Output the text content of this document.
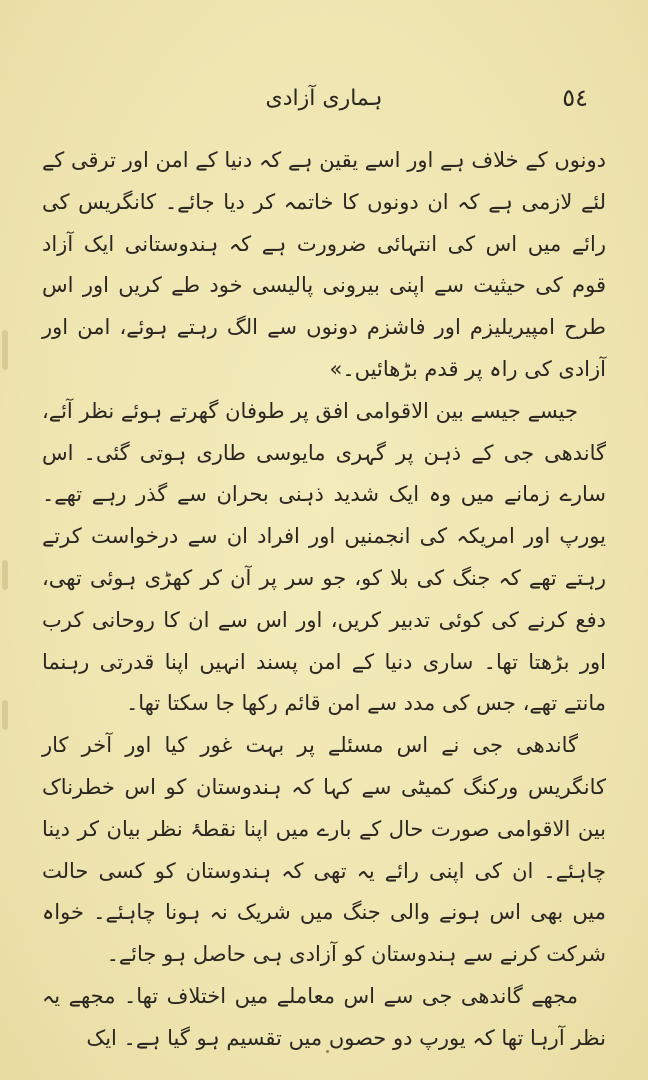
٥٤
ہماری آزادی

دونوں کے خلاف ہے اور اسے یقین ہے کہ دنیا کے امن اور ترقی کے لئے لازمی ہے کہ ان دونوں کا خاتمہ کر دیا جائے۔ کانگریس کی رائے میں اس کی انتہائی ضرورت ہے کہ ہندوستانی ایک آزاد قوم کی حیثیت سے اپنی بیرونی پالیسی خود طے کریں اور اس طرح امپیریلیزم اور فاشزم دونوں سے الگ رہتے ہوئے، امن اور آزادی کی راہ پر قدم بڑھائیں۔»

جیسے جیسے بین الاقوامی افق پر طوفان گھرتے ہوئے نظر آئے، گاندھی جی کے ذہن پر گہری مایوسی طاری ہوتی گئی۔ اس سارے زمانے میں وہ ایک شدید ذہنی بحران سے گذر رہے تھے۔ یورپ اور امریکہ کی انجمنیں اور افراد ان سے درخواست کرتے رہتے تھے کہ جنگ کی بلا کو، جو سر پر آن کر کھڑی ہوئی تھی، دفع کرنے کی کوئی تدبیر کریں، اور اس سے ان کا روحانی کرب اور بڑھتا تھا۔ ساری دنیا کے امن پسند انہیں اپنا قدرتی رہنما مانتے تھے، جس کی مدد سے امن قائم رکھا جا سکتا تھا۔

گاندھی جی نے اس مسئلے پر بہت غور کیا اور آخر کار کانگریس ورکنگ کمیٹی سے کہا کہ ہندوستان کو اس خطرناک بین الاقوامی صورت حال کے بارے میں اپنا نقطۂ نظر بیان کر دینا چاہئے۔ ان کی اپنی رائے یہ تھی کہ ہندوستان کو کسی حالت میں بھی اس ہونے والی جنگ میں شریک نہ ہونا چاہئے۔ خواہ شرکت کرنے سے ہندوستان کو آزادی ہی حاصل ہو جائے۔

مجھے گاندھی جی سے اس معاملے میں اختلاف تھا۔ مجھے یہ نظر آرہا تھا کہ یورپ دو حصوں میں تقسیم ہو گیا ہے۔ ایک
